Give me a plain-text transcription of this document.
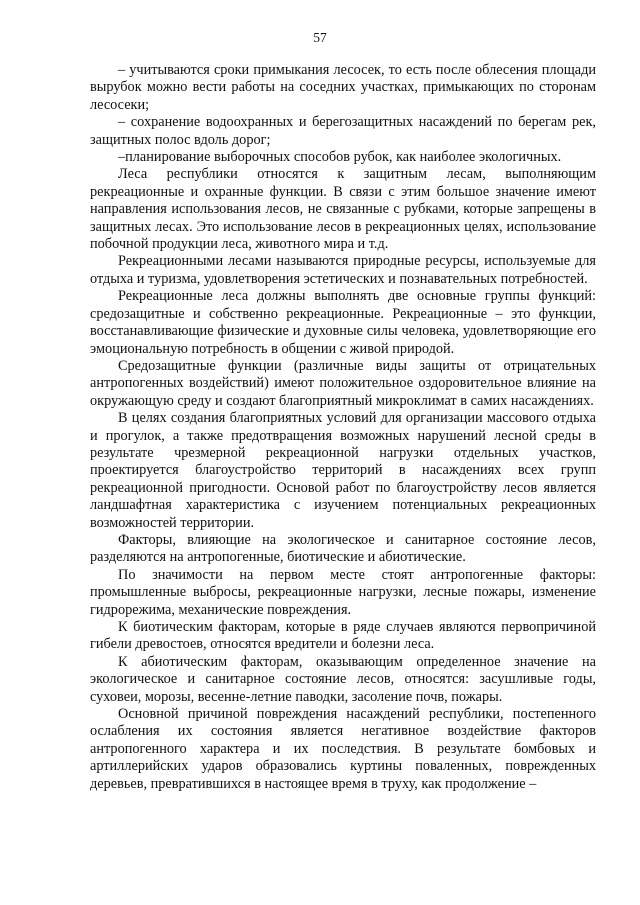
57

– учитываются сроки примыкания лесосек, то есть после облесения площади вырубок можно вести работы на соседних участках, примыкающих по сторонам лесосеки;

– сохранение водоохранных и берегозащитных насаждений по берегам рек, защитных полос вдоль дорог;

–планирование выборочных способов рубок, как наиболее экологичных.

Леса республики относятся к защитным лесам, выполняющим рекреационные и охранные функции. В связи с этим большое значение имеют направления использования лесов, не связанные с рубками, которые запрещены в защитных лесах. Это использование лесов в рекреационных целях, использование побочной продукции леса, животного мира и т.д.

Рекреационными лесами называются природные ресурсы, используемые для отдыха и туризма, удовлетворения эстетических и познавательных потребностей.

Рекреационные леса должны выполнять две основные группы функций: средозащитные и собственно рекреационные. Рекреационные – это функции, восстанавливающие физические и духовные силы человека, удовлетворяющие его эмоциональную потребность в общении с живой природой.

Средозащитные функции (различные виды защиты от отрицательных антропогенных воздействий) имеют положительное оздоровительное влияние на окружающую среду и создают благоприятный микроклимат в самих насаждениях.

В целях создания благоприятных условий для организации массового отдыха и прогулок, а также предотвращения возможных нарушений лесной среды в результате чрезмерной рекреационной нагрузки отдельных участков, проектируется благоустройство территорий в насаждениях всех групп рекреационной пригодности. Основой работ по благоустройству лесов является ландшафтная характеристика с изучением потенциальных рекреационных возможностей территории.

Факторы, влияющие на экологическое и санитарное состояние лесов, разделяются на антропогенные, биотические и абиотические.

По значимости на первом месте стоят антропогенные факторы: промышленные выбросы, рекреационные нагрузки, лесные пожары, изменение гидрорежима, механические повреждения.

К биотическим факторам, которые в ряде случаев являются первопричиной гибели древостоев, относятся вредители и болезни леса.

К абиотическим факторам, оказывающим определенное значение на экологическое и санитарное состояние лесов, относятся: засушливые годы, суховеи, морозы, весенне-летние паводки, засоление почв, пожары.

Основной причиной повреждения насаждений республики, постепенного ослабления их состояния является негативное воздействие факторов антропогенного характера и их последствия. В результате бомбовых и артиллерийских ударов образовались куртины поваленных, поврежденных деревьев, превратившихся в настоящее время в труху, как продолжение –
